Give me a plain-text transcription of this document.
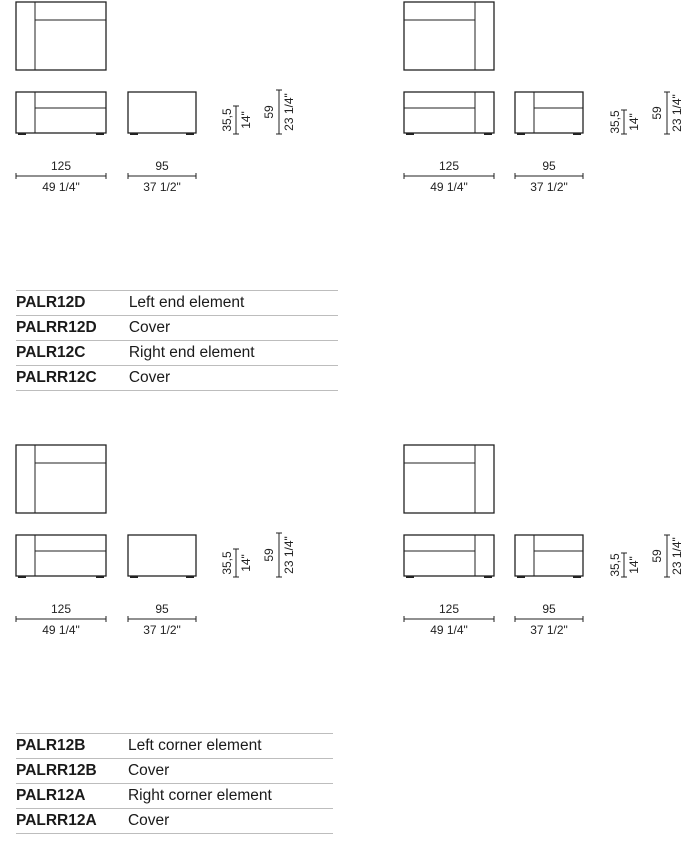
125
49 1/4"
95
37 1/2"
35,5 14" 59 23 1/4"
125
49 1/4"
95
37 1/2"
35,5 14"
59 23 1/4"
125
49 1/4"
95
37 1/2"
35,5 14" 59 23 1/4"
125
49 1/4"
95
37 1/2"
35,5 14"
59 23 1/4"
PALR12D	Left end element
PALRR12D	Cover
PALR12C	Right end element
PALRR12C	Cover
PALR12B	Left corner element
PALRR12B	Cover
PALR12A	Right corner element
PALRR12A	Cover
